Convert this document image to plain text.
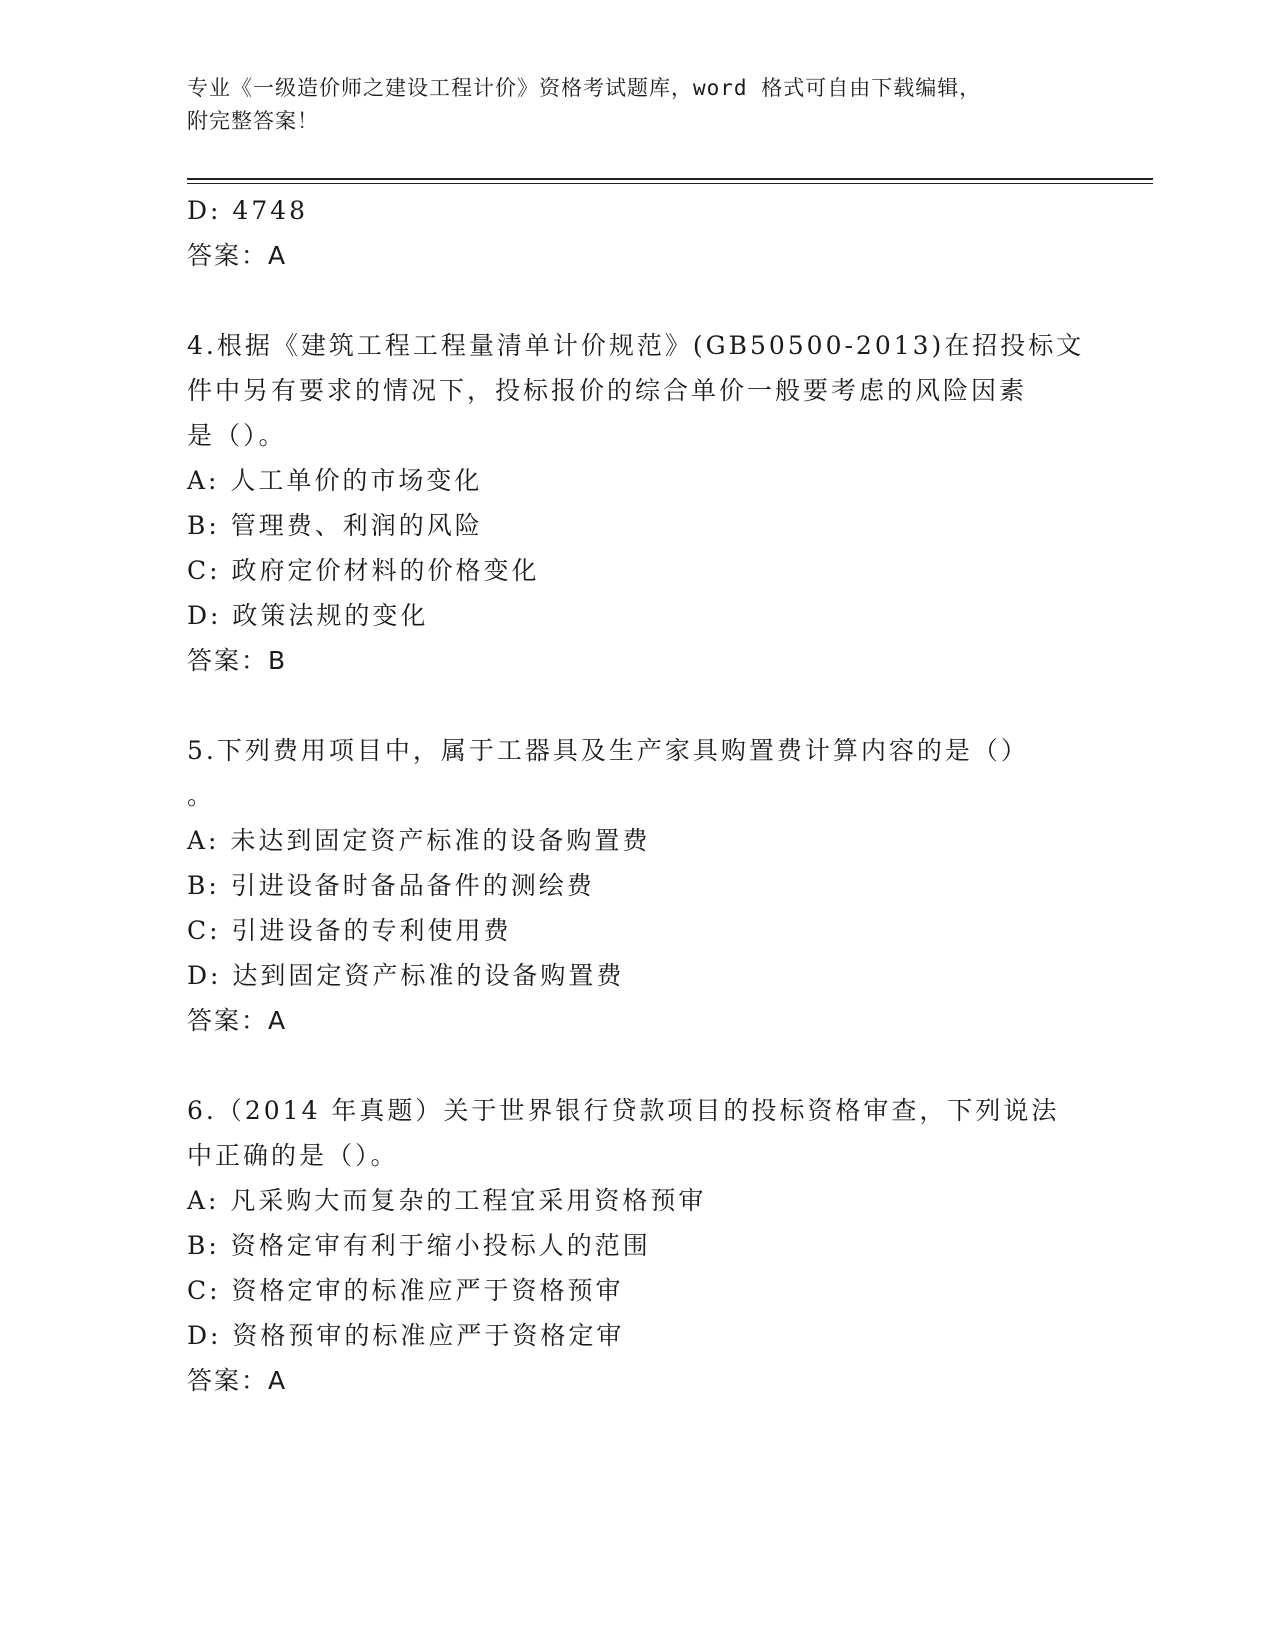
专业《一级造价师之建设工程计价》资格考试题库，word 格式可自由下载编辑，
附完整答案！
D: 4748
答案：A
4.根据《建筑工程工程量清单计价规范》(GB50500-2013)在招投标文
件中另有要求的情况下，投标报价的综合单价一般要考虑的风险因素
是（）。
A: 人工单价的市场变化
B: 管理费、利润的风险
C: 政府定价材料的价格变化
D: 政策法规的变化
答案：B
5.下列费用项目中，属于工器具及生产家具购置费计算内容的是（）
。
A: 未达到固定资产标准的设备购置费
B: 引进设备时备品备件的测绘费
C: 引进设备的专利使用费
D: 达到固定资产标准的设备购置费
答案：A
6.（2014 年真题）关于世界银行贷款项目的投标资格审查，下列说法
中正确的是（）。
A: 凡采购大而复杂的工程宜采用资格预审
B: 资格定审有利于缩小投标人的范围
C: 资格定审的标准应严于资格预审
D: 资格预审的标准应严于资格定审
答案：A
